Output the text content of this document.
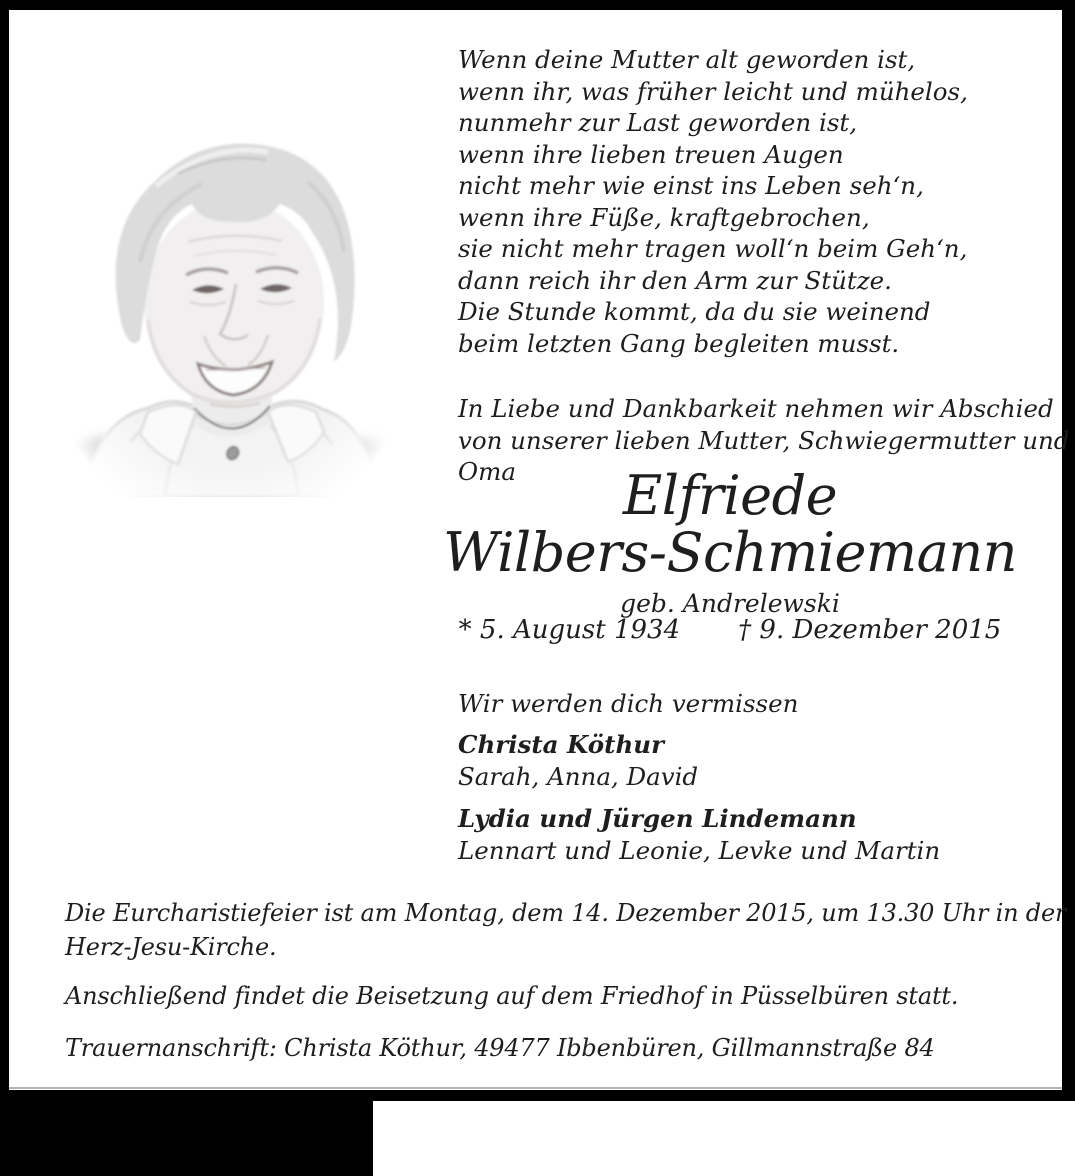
Wenn deine Mutter alt geworden ist,
wenn ihr, was früher leicht und mühelos,
nunmehr zur Last geworden ist,
wenn ihre lieben treuen Augen
nicht mehr wie einst ins Leben seh‘n,
wenn ihre Füße, kraftgebrochen,
sie nicht mehr tragen woll‘n beim Geh‘n,
dann reich ihr den Arm zur Stütze.
Die Stunde kommt, da du sie weinend
beim letzten Gang begleiten musst.
In Liebe und Dankbarkeit nehmen wir Abschied
von unserer lieben Mutter, Schwiegermutter und
Oma	Elfriede
Wilbers-Schmiemann
geb. Andrelewski
* 5. August 1934 † 9. Dezember 2015
Wir werden dich vermissen
Christa Köthur
Sarah, Anna, David
Lydia und Jürgen Lindemann
Lennart und Leonie, Levke und Martin
Die Eurcharistiefeier ist am Montag, dem 14. Dezember 2015, um 13.30 Uhr in der
Herz-Jesu-Kirche.
Anschließend findet die Beisetzung auf dem Friedhof in Püsselbüren statt.
Trauernanschrift: Christa Köthur, 49477 Ibbenbüren, Gillmannstraße 84
